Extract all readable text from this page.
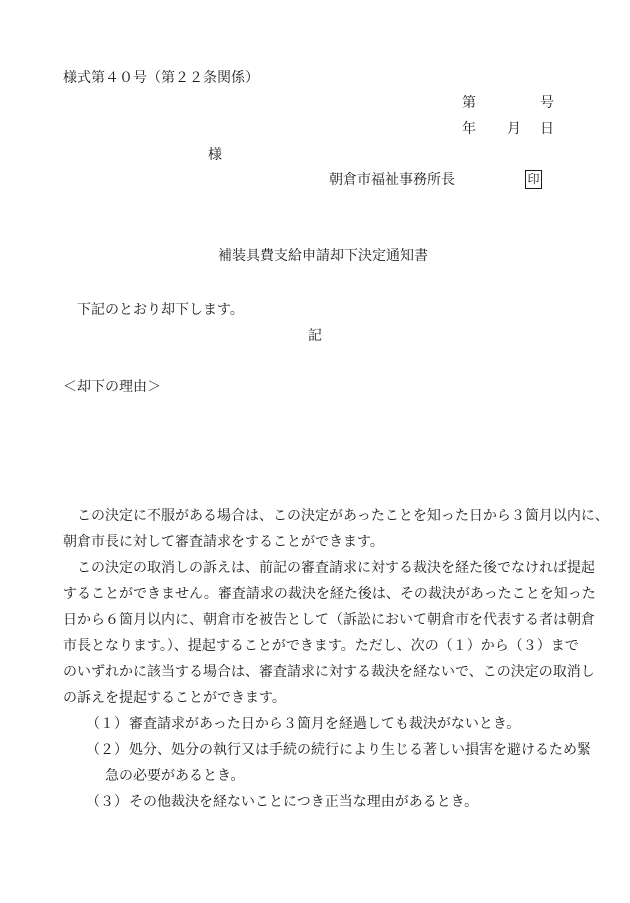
様式第４０号（第２２条関係）
第	号
年 月 日
様
朝倉市福祉事務所長	印
補装具費支給申請却下決定通知書
下記のとおり却下します。
記
＜却下の理由＞
この決定に不服がある場合は、この決定があったことを知った日から３箇月以内に、
朝倉市長に対して審査請求をすることができます。
この決定の取消しの訴えは、前記の審査請求に対する裁決を経た後でなければ提起
することができません。審査請求の裁決を経た後は、その裁決があったことを知った
日から６箇月以内に、朝倉市を被告として（訴訟において朝倉市を代表する者は朝倉
市長となります。）、提起することができます。ただし、次の（１）から（３）まで
のいずれかに該当する場合は、審査請求に対する裁決を経ないで、この決定の取消し
の訴えを提起することができます。
（１） 審査請求があった日から３箇月を経過しても裁決がないとき。
（２） 処分、処分の執行又は手続の続行により生じる著しい損害を避けるため緊
急の必要があるとき。
（３） その他裁決を経ないことにつき正当な理由があるとき。
